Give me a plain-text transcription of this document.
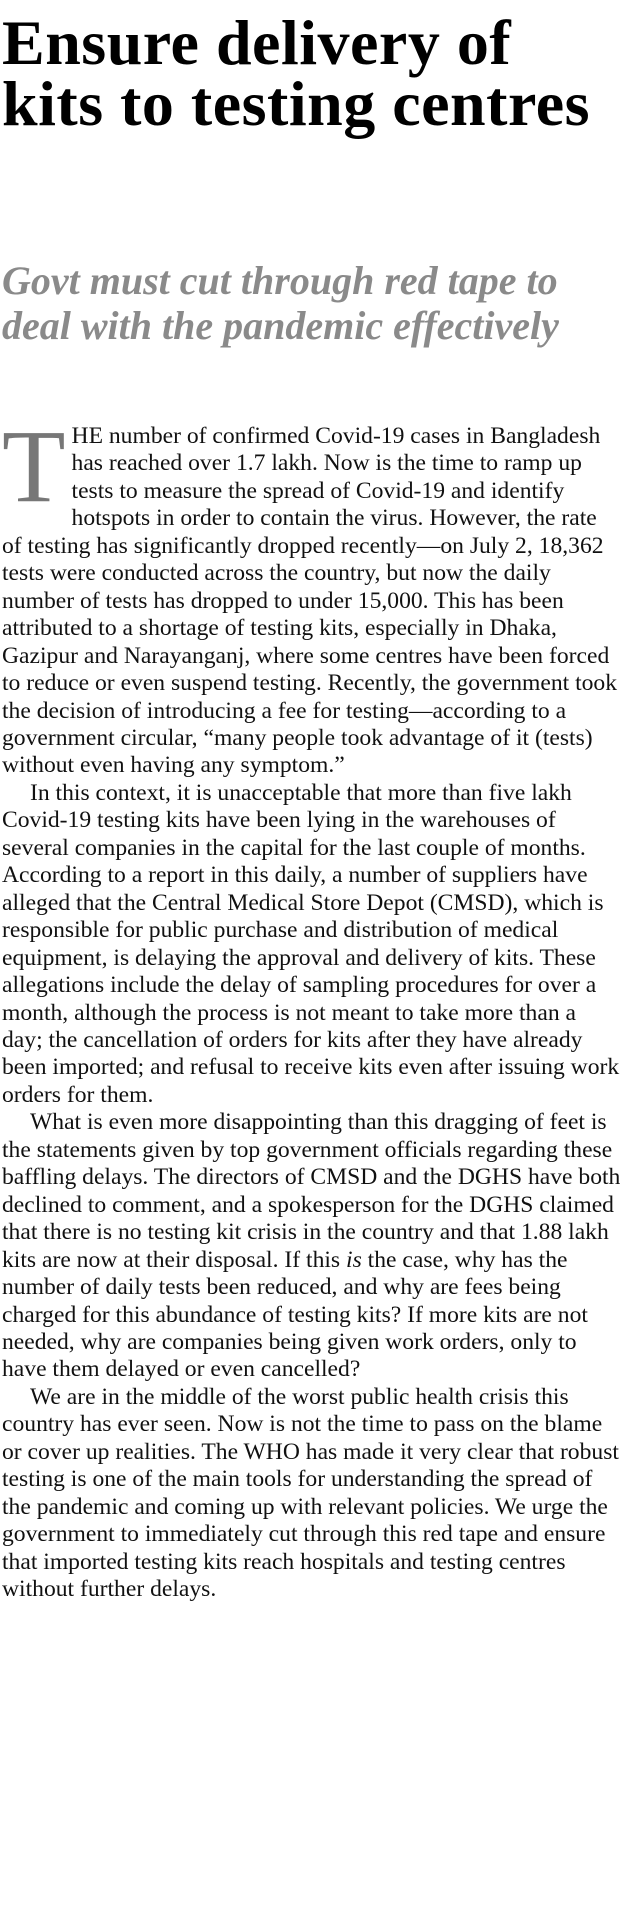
Ensure delivery of kits to testing centres
Govt must cut through red tape to deal with the pandemic effectively

THE number of confirmed Covid-19 cases in Bangladesh has reached over 1.7 lakh. Now is the time to ramp up tests to measure the spread of Covid-19 and identify hotspots in order to contain the virus. However, the rate of testing has significantly dropped recently—on July 2, 18,362 tests were conducted across the country, but now the daily number of tests has dropped to under 15,000. This has been attributed to a shortage of testing kits, especially in Dhaka, Gazipur and Narayanganj, where some centres have been forced to reduce or even suspend testing. Recently, the government took the decision of introducing a fee for testing—according to a government circular, “many people took advantage of it (tests) without even having any symptom.”

In this context, it is unacceptable that more than five lakh Covid-19 testing kits have been lying in the warehouses of several companies in the capital for the last couple of months. According to a report in this daily, a number of suppliers have alleged that the Central Medical Store Depot (CMSD), which is responsible for public purchase and distribution of medical equipment, is delaying the approval and delivery of kits. These allegations include the delay of sampling procedures for over a month, although the process is not meant to take more than a day; the cancellation of orders for kits after they have already been imported; and refusal to receive kits even after issuing work orders for them.

What is even more disappointing than this dragging of feet is the statements given by top government officials regarding these baffling delays. The directors of CMSD and the DGHS have both declined to comment, and a spokesperson for the DGHS claimed that there is no testing kit crisis in the country and that 1.88 lakh kits are now at their disposal. If this is the case, why has the number of daily tests been reduced, and why are fees being charged for this abundance of testing kits? If more kits are not needed, why are companies being given work orders, only to have them delayed or even cancelled?

We are in the middle of the worst public health crisis this country has ever seen. Now is not the time to pass on the blame or cover up realities. The WHO has made it very clear that robust testing is one of the main tools for understanding the spread of the pandemic and coming up with relevant policies. We urge the government to immediately cut through this red tape and ensure that imported testing kits reach hospitals and testing centres without further delays.
